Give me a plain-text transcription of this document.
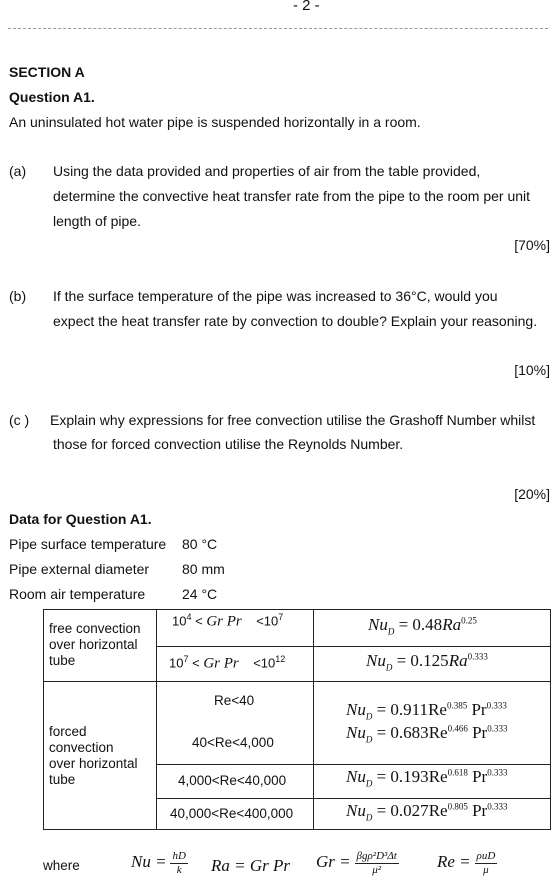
- 2 -
SECTION A
Question A1.
An uninsulated hot water pipe is suspended horizontally in a room.
(a) Using the data provided and properties of air from the table provided,
determine the convective heat transfer rate from the pipe to the room per unit
length of pipe.
[70%]
(b) If the surface temperature of the pipe was increased to 36°C, would you
expect the heat transfer rate by convection to double? Explain your reasoning.
[10%]
(c ) Explain why expressions for free convection utilise the Grashoff Number whilst
those for forced convection utilise the Reynolds Number.
[20%]
Data for Question A1.
Pipe surface temperature 80 °C
Pipe external diameter 80 mm
Room air temperature	24 °C
free convection
over horizontal
tube
$10^4 < Gr$ $Pr <10^7$
$10^7 < Gr$ $Pr <10^{12}$
$Nu_D = 0.48Ra^{0.25}$
$Nu_D = 0.125Ra^{0.333}$
forced
convection
over horizontal
tube
Re<40
40<Re<4,000
4,000<Re<40,000
40,000<Re<400,000
$Nu_D = 0.911Re^{0.385}$ $Pr^{0.333}$
$Nu_D = 0.683Re^{0.466}$ $Pr^{0.333}$
$Nu_D = 0.193Re^{0.618}$ $Pr^{0.333}$
$Nu_D = 0.027Re^{0.805}$ $Pr^{0.333}$
where	$Nu = \frac{hD}{k}$ Ra = Gr Pr $Gr = \frac{\text{βgρ²D³Δt}}{\text{μ²}}$ $Re = \frac{\text{ρuD}}{\mu}$
